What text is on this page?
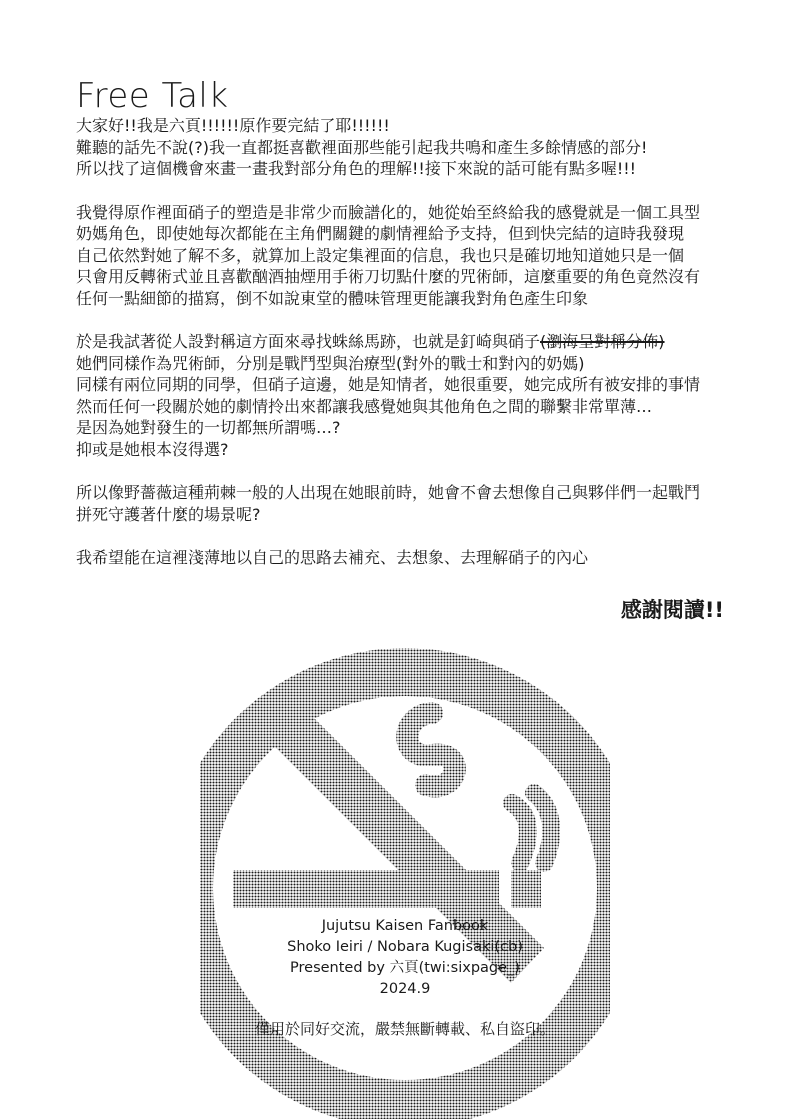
Free Talk
大家好!!我是六頁!!!!!!原作要完結了耶!!!!!!
難聽的話先不說(?)我一直都挺喜歡裡面那些能引起我共鳴和產生多餘情感的部分!
所以找了這個機會來畫一畫我對部分角色的理解!!接下來說的話可能有點多喔!!!
我覺得原作裡面硝子的塑造是非常少而臉譜化的，她從始至終給我的感覺就是一個工具型
奶媽角色，即使她每次都能在主角們關鍵的劇情裡給予支持，但到快完結的這時我發現
自己依然對她了解不多，就算加上設定集裡面的信息，我也只是確切地知道她只是一個
只會用反轉術式並且喜歡酗酒抽煙用手術刀切點什麼的咒術師，這麼重要的角色竟然沒有
任何一點細節的描寫，倒不如說東堂的體味管理更能讓我對角色產生印象
於是我試著從人設對稱這方面來尋找蛛絲馬跡，也就是釘崎與硝子(瀏海呈對稱分佈)
她們同樣作為咒術師，分別是戰鬥型與治療型(對外的戰士和對內的奶媽)
同樣有兩位同期的同學，但硝子這邊，她是知情者，她很重要，她完成所有被安排的事情
然而任何一段關於她的劇情拎出來都讓我感覺她與其他角色之間的聯繫非常單薄…
是因為她對發生的一切都無所謂嗎…?
抑或是她根本沒得選?
所以像野薔薇這種荊棘一般的人出現在她眼前時，她會不會去想像自己與夥伴們一起戰鬥
拼死守護著什麼的場景呢?
我希望能在這裡淺薄地以自己的思路去補充、去想象、去理解硝子的內心
感謝閱讀!!
Jujutsu Kaisen Fanbook
Shoko Ieiri / Nobara Kugisaki(cb)
Presented by 六頁(twi:sixpage_)
2024.9
僅用於同好交流，嚴禁無斷轉載、私自盜印。
